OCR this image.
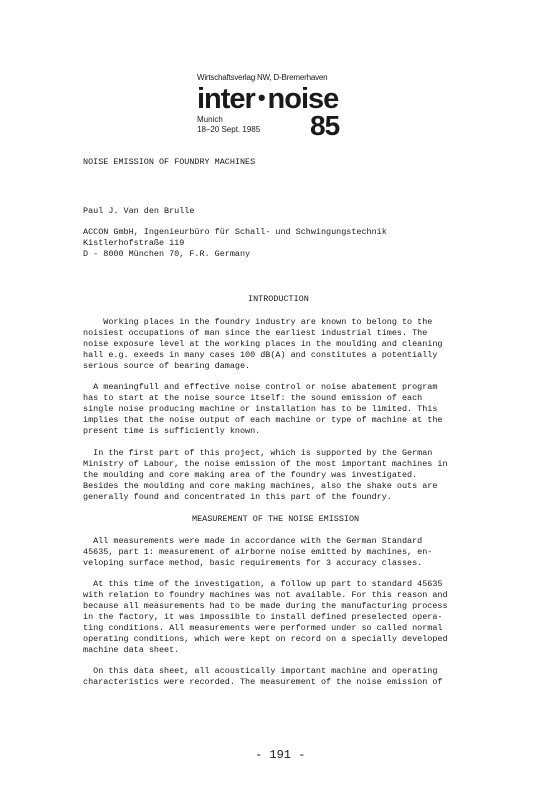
Wirtschaftsverlag NW, D-Bremerhaven
inter • noise
Munich
18–20 Sept. 1985 85

NOISE EMISSION OF FOUNDRY MACHINES

Paul J. Van den Brulle

ACCON GmbH, Ingenieurbüro für Schall- und Schwingungstechnik

Kistlerhofstraße 119

D - 8000 München 70, F.R. Germany

INTRODUCTION

Working places in the foundry industry are known to belong to the

noisiest occupations of man since the earliest industrial times. The

noise exposure level at the working places in the moulding and cleaning

hall e.g. exeeds in many cases 100 dB(A) and constitutes a potentially

serious source of bearing damage.

A meaningfull and effective noise control or noise abatement program

has to start at the noise source itself: the sound emission of each

single noise producing machine or installation has to be limited. This

implies that the noise output of each machine or type of machine at the

present time is sufficiently known.

In the first part of this project, which is supported by the German

Ministry of Labour, the noise emission of the most important machines in

the moulding and core making area of the foundry was investigated.

Besides the moulding and core making machines, also the shake outs are

generally found and concentrated in this part of the foundry.

MEASUREMENT OF THE NOISE EMISSION

All measurements were made in accordance with the German Standard

45635, part 1: measurement of airborne noise emitted by machines, en-

veloping surface method, basic requirements for 3 accuracy classes.

At this time of the investigation, a follow up part to standard 45635

with relation to foundry machines was not available. For this reason and

because all measurements had to be made during the manufacturing process

in the factory, it was impossible to install defined preselected opera-

ting conditions. All measurements were performed under so called normal

operating conditions, which were kept on record on a specially developed

machine data sheet.

On this data sheet, all acoustically important machine and operating

characteristics were recorded. The measurement of the noise emission of

- 191 -
